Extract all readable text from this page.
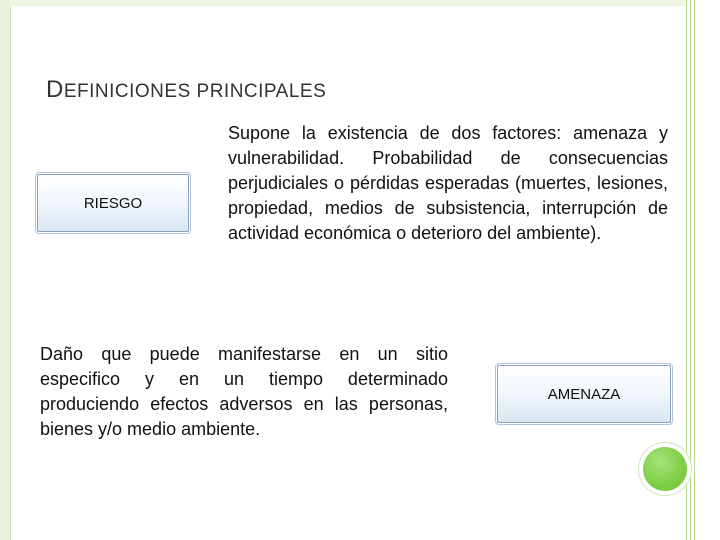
DEFINICIONES PRINCIPALES
RIESGO

Supone la existencia de dos factores: amenaza y vulnerabilidad. Probabilidad de consecuencias perjudiciales o pérdidas esperadas (muertes, lesiones, propiedad, medios de subsistencia, interrupción de actividad económica o deterioro del ambiente).

Daño que puede manifestarse en un sitio especifico y en un tiempo determinado produciendo efectos adversos en las personas, bienes y/o medio ambiente.

AMENAZA
